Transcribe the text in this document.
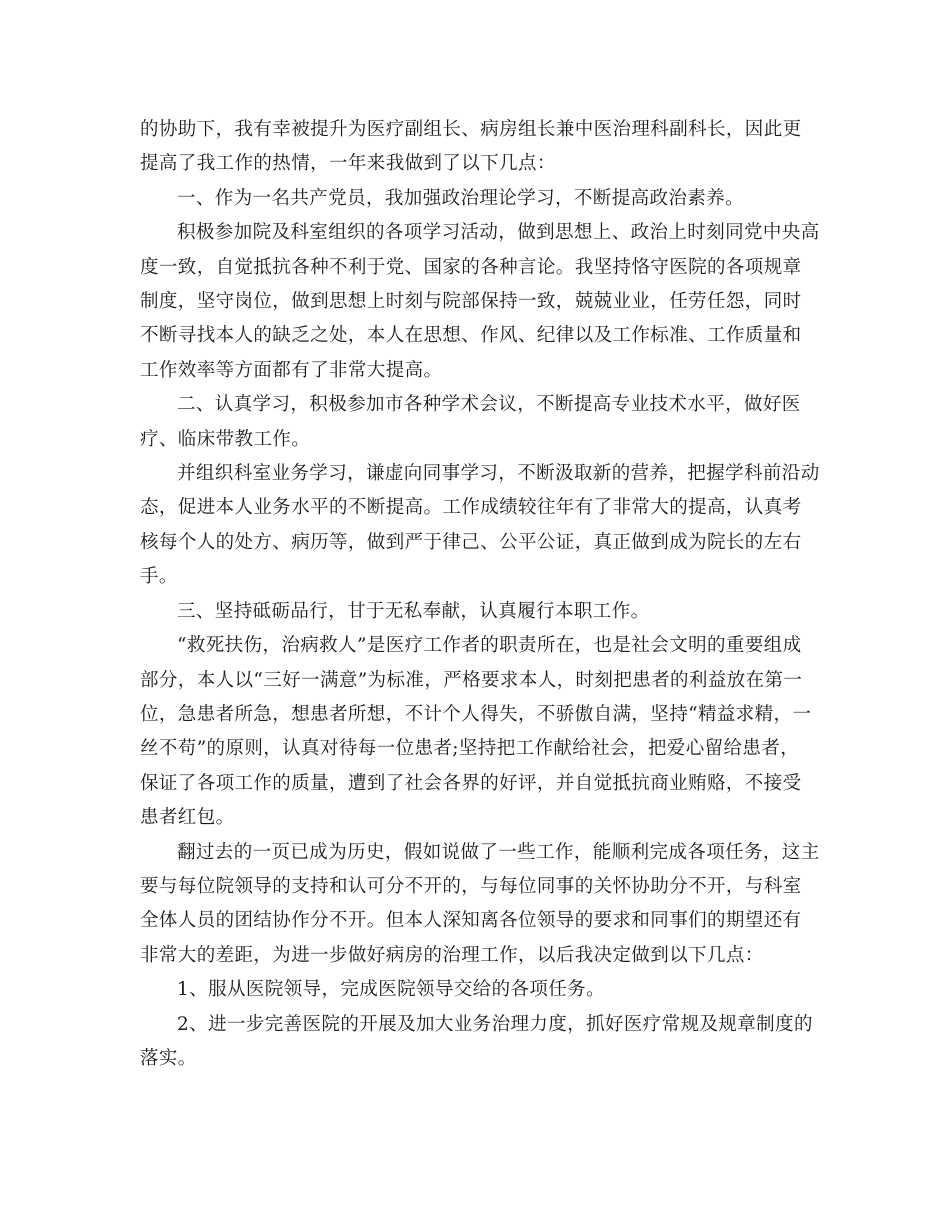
的协助下，我有幸被提升为医疗副组长、病房组长兼中医治理科副科长，因此更提高了我工作的热情，一年来我做到了以下几点：

一、作为一名共产党员，我加强政治理论学习，不断提高政治素养。

积极参加院及科室组织的各项学习活动，做到思想上、政治上时刻同党中央高度一致，自觉抵抗各种不利于党、国家的各种言论。我坚持恪守医院的各项规章制度，坚守岗位，做到思想上时刻与院部保持一致，兢兢业业，任劳任怨，同时不断寻找本人的缺乏之处，本人在思想、作风、纪律以及工作标准、工作质量和工作效率等方面都有了非常大提高。

二、认真学习，积极参加市各种学术会议，不断提高专业技术水平，做好医疗、临床带教工作。

并组织科室业务学习，谦虚向同事学习，不断汲取新的营养，把握学科前沿动态，促进本人业务水平的不断提高。工作成绩较往年有了非常大的提高，认真考核每个人的处方、病历等，做到严于律己、公平公证，真正做到成为院长的左右手。

三、坚持砥砺品行，甘于无私奉献，认真履行本职工作。

“救死扶伤，治病救人”是医疗工作者的职责所在，也是社会文明的重要组成部分，本人以“三好一满意”为标准，严格要求本人，时刻把患者的利益放在第一位，急患者所急，想患者所想，不计个人得失，不骄傲自满，坚持“精益求精，一丝不苟”的原则，认真对待每一位患者;坚持把工作献给社会，把爱心留给患者，

保证了各项工作的质量，遭到了社会各界的好评，并自觉抵抗商业贿赂，不接受患者红包。

翻过去的一页已成为历史，假如说做了一些工作，能顺利完成各项任务，这主要与每位院领导的支持和认可分不开的，与每位同事的关怀协助分不开，与科室全体人员的团结协作分不开。但本人深知离各位领导的要求和同事们的期望还有非常大的差距，为进一步做好病房的治理工作，以后我决定做到以下几点：

1、服从医院领导，完成医院领导交给的各项任务。

2、进一步完善医院的开展及加大业务治理力度，抓好医疗常规及规章制度的落实。
